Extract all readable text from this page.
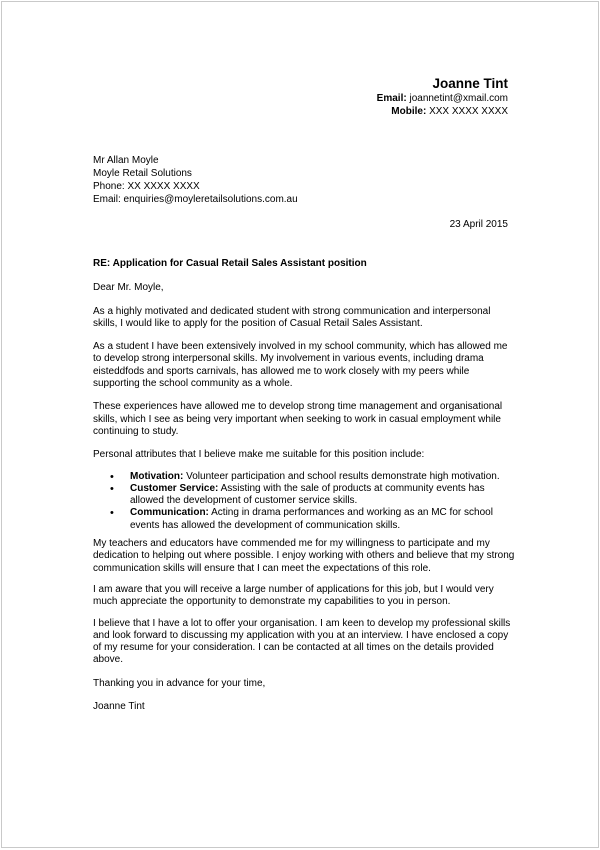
Joanne Tint
Email: joannetint@xmail.com
Mobile: XXX XXXX XXXX
Mr Allan Moyle
Moyle Retail Solutions
Phone: XX XXXX XXXX
Email: enquiries@moyleretailsolutions.com.au
23 April 2015

RE: Application for Casual Retail Sales Assistant position

Dear Mr. Moyle,

As a highly motivated and dedicated student with strong communication and interpersonal skills, I would like to apply for the position of Casual Retail Sales Assistant.

As a student I have been extensively involved in my school community, which has allowed me to develop strong interpersonal skills. My involvement in various events, including drama eisteddfods and sports carnivals, has allowed me to work closely with my peers while supporting the school community as a whole.

These experiences have allowed me to develop strong time management and organisational skills, which I see as being very important when seeking to work in casual employment while continuing to study.

Personal attributes that I believe make me suitable for this position include:

• Motivation: Volunteer participation and school results demonstrate high motivation.
• Customer Service: Assisting with the sale of products at community events has allowed the development of customer service skills.
• Communication: Acting in drama performances and working as an MC for school events has allowed the development of communication skills.

My teachers and educators have commended me for my willingness to participate and my dedication to helping out where possible. I enjoy working with others and believe that my strong communication skills will ensure that I can meet the expectations of this role.

I am aware that you will receive a large number of applications for this job, but I would very much appreciate the opportunity to demonstrate my capabilities to you in person.

I believe that I have a lot to offer your organisation. I am keen to develop my professional skills and look forward to discussing my application with you at an interview. I have enclosed a copy of my resume for your consideration. I can be contacted at all times on the details provided above.

Thanking you in advance for your time,

Joanne Tint
